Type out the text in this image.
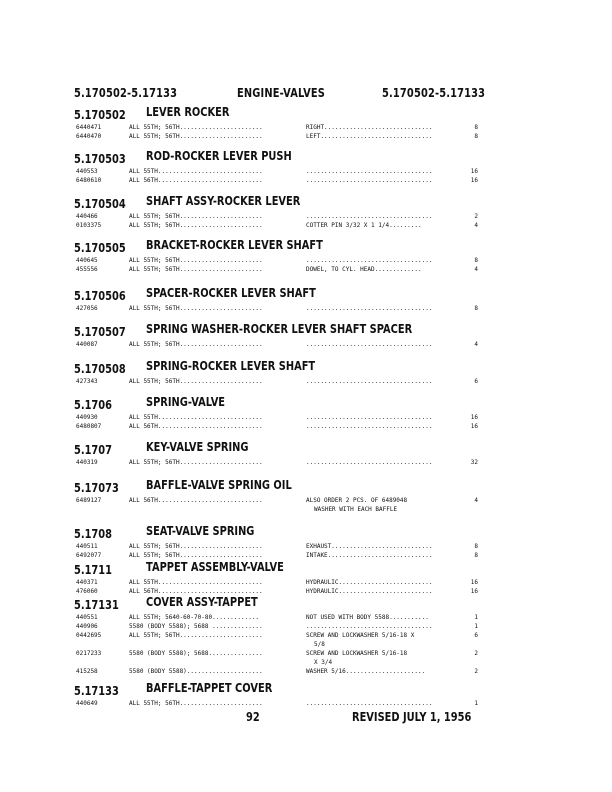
5.170502-5.17133	ENGINE-VALVES	5.170502-5.17133
5.170502 LEVER ROCKER
6440471	ALL 55TH; 56TH.......................	RIGHT..............................	8
6440470	ALL 55TH; 56TH.......................	LEFT...............................	8
5.170503 ROD-ROCKER LEVER PUSH
440553	ALL 55TH.............................	...................................	16
6480610	ALL 56TH.............................	...................................	16
5.170504 SHAFT ASSY-ROCKER LEVER
440466	ALL 55TH; 56TH.......................	...................................	2
0103375	ALL 55TH; 56TH.......................	COTTER PIN 3/32 X 1 1/4.........	4
5.170505 BRACKET-ROCKER LEVER SHAFT
440645	ALL 55TH; 56TH.......................	...................................	8
455556	ALL 55TH; 56TH.......................	DOWEL, TO CYL. HEAD.............	4
5.170506 SPACER-ROCKER LEVER SHAFT
427056	ALL 55TH; 56TH.......................	...................................	8
5.170507 SPRING WASHER-ROCKER LEVER SHAFT SPACER
440087	ALL 55TH; 56TH.......................	...................................	4
5.170508 SPRING-ROCKER LEVER SHAFT
427343	ALL 55TH; 56TH.......................	...................................	6
5.1706	SPRING-VALVE
440930	ALL 55TH.............................	...................................	16
6480807	ALL 56TH.............................	...................................	16
5.1707	KEY-VALVE SPRING
440319	ALL 55TH; 56TH.......................	...................................	32
5.17073 BAFFLE-VALVE SPRING OIL
6489127	ALL 56TH.............................	ALSO ORDER 2 PCS. OF 6489048	4
WASHER WITH EACH BAFFLE
5.1708	SEAT-VALVE SPRING
440511	ALL 55TH; 56TH.......................	EXHAUST............................	8
6492077	ALL 55TH; 56TH.......................	INTAKE.............................	8
5.1711	TAPPET ASSEMBLY-VALVE
440371	ALL 55TH.............................	HYDRAULIC..........................	16
476060	ALL 56TH.............................	HYDRAULIC..........................	16
5.17131 COVER ASSY-TAPPET
440551	ALL 55TH; 5640-60-70-80.............	NOT USED WITH BODY 5588...........	1
440906	5580 (BODY 5588); 5688 ..............	...................................	1
0442695	ALL 55TH; 56TH.......................	SCREW AND LOCKWASHER 5/16-18 X	6
5/8
0217233	5580 (BODY 5588); 5688...............	SCREW AND LOCKWASHER 5/16-18	2
X 3/4
415258	5580 (BODY 5588).....................	WASHER 5/16......................	2
5.17133 BAFFLE-TAPPET COVER
440649	ALL 55TH; 56TH.......................	...................................	1
92	REVISED JULY 1, 1956
